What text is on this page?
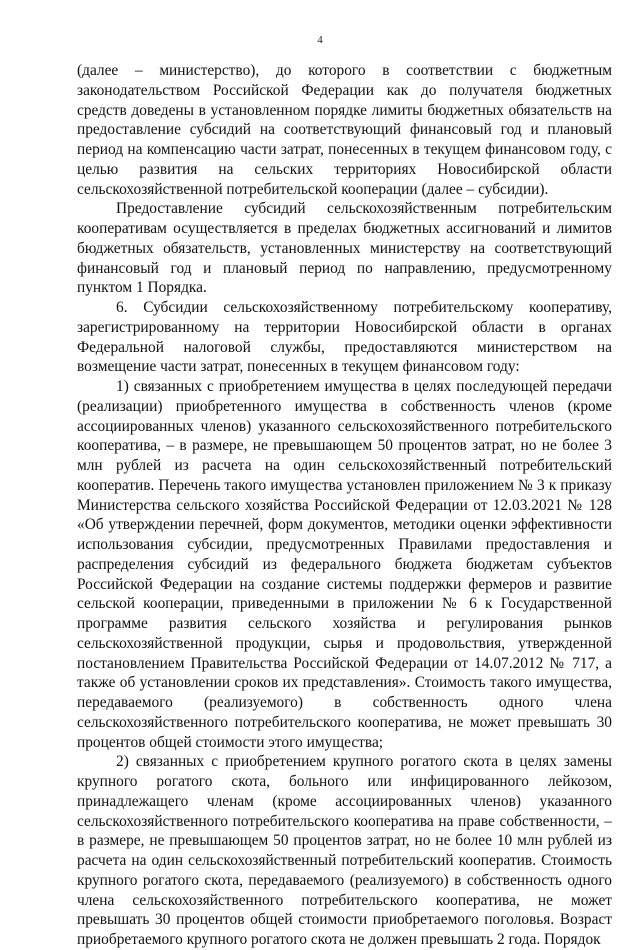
4

(далее – министерство), до которого в соответствии с бюджетным законодательством Российской Федерации как до получателя бюджетных средств доведены в установленном порядке лимиты бюджетных обязательств на предоставление субсидий на соответствующий финансовый год и плановый период на компенсацию части затрат, понесенных в текущем финансовом году, с целью развития на сельских территориях Новосибирской области сельскохозяйственной потребительской кооперации (далее – субсидии).

Предоставление субсидий сельскохозяйственным потребительским кооперативам осуществляется в пределах бюджетных ассигнований и лимитов бюджетных обязательств, установленных министерству на соответствующий финансовый год и плановый период по направлению, предусмотренному пунктом 1 Порядка.

6. Субсидии сельскохозяйственному потребительскому кооперативу, зарегистрированному на территории Новосибирской области в органах Федеральной налоговой службы, предоставляются министерством на возмещение части затрат, понесенных в текущем финансовом году:

1) связанных с приобретением имущества в целях последующей передачи (реализации) приобретенного имущества в собственность членов (кроме ассоциированных членов) указанного сельскохозяйственного потребительского кооператива, – в размере, не превышающем 50 процентов затрат, но не более 3 млн рублей из расчета на один сельскохозяйственный потребительский кооператив. Перечень такого имущества установлен приложением № 3 к приказу Министерства сельского хозяйства Российской Федерации от 12.03.2021 № 128 «Об утверждении перечней, форм документов, методики оценки эффективности использования субсидии, предусмотренных Правилами предоставления и распределения субсидий из федерального бюджета бюджетам субъектов Российской Федерации на создание системы поддержки фермеров и развитие сельской кооперации, приведенными в приложении № 6 к Государственной программе развития сельского хозяйства и регулирования рынков сельскохозяйственной продукции, сырья и продовольствия, утвержденной постановлением Правительства Российской Федерации от 14.07.2012 № 717, а также об установлении сроков их представления». Стоимость такого имущества, передаваемого (реализуемого) в собственность одного члена сельскохозяйственного потребительского кооператива, не может превышать 30 процентов общей стоимости этого имущества;

2) связанных с приобретением крупного рогатого скота в целях замены крупного рогатого скота, больного или инфицированного лейкозом, принадлежащего членам (кроме ассоциированных членов) указанного сельскохозяйственного потребительского кооператива на праве собственности, – в размере, не превышающем 50 процентов затрат, но не более 10 млн рублей из расчета на один сельскохозяйственный потребительский кооператив. Стоимость крупного рогатого скота, передаваемого (реализуемого) в собственность одного члена сельскохозяйственного потребительского кооператива, не может превышать 30 процентов общей стоимости приобретаемого поголовья. Возраст приобретаемого крупного рогатого скота не должен превышать 2 года. Порядок
